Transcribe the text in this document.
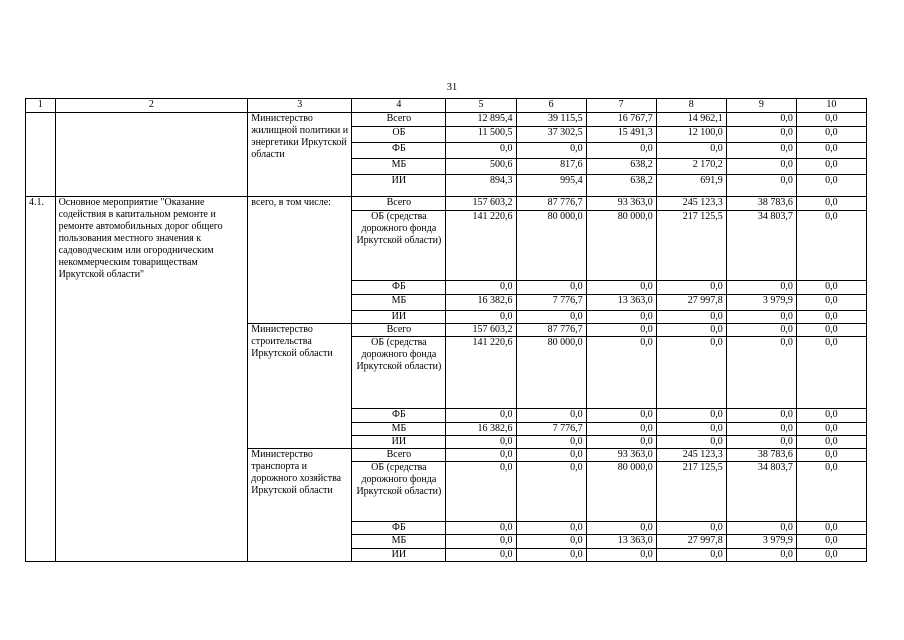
31
1	2	3	4	5	6	7	8	9	10
		Министерство жилищной политики и энергетики Иркутской области	Всего	12 895,4	39 115,5	16 767,7	14 962,1	0,0	0,0
			ОБ	11 500,5	37 302,5	15 491,3	12 100,0	0,0	0,0
			ФБ	0,0	0,0	0,0	0,0	0,0	0,0
			МБ	500,6	817,6	638,2	2 170,2	0,0	0,0
			ИИ	894,3	995,4	638,2	691,9	0,0	0,0
4.1.	Основное мероприятие "Оказание содействия в капитальном ремонте и ремонте автомобильных дорог общего пользования местного значения к садоводческим или огородническим некоммерческим товариществам Иркутской области"	всего, в том числе:	Всего	157 603,2	87 776,7	93 363,0	245 123,3	38 783,6	0,0
			ОБ (средства дорожного фонда Иркутской области)	141 220,6	80 000,0	80 000,0	217 125,5	34 803,7	0,0
			ФБ	0,0	0,0	0,0	0,0	0,0	0,0
			МБ	16 382,6	7 776,7	13 363,0	27 997,8	3 979,9	0,0
			ИИ	0,0	0,0	0,0	0,0	0,0	0,0
		Министерство строительства Иркутской области	Всего	157 603,2	87 776,7	0,0	0,0	0,0	0,0
			ОБ (средства дорожного фонда Иркутской области)	141 220,6	80 000,0	0,0	0,0	0,0	0,0
			ФБ	0,0	0,0	0,0	0,0	0,0	0,0
			МБ	16 382,6	7 776,7	0,0	0,0	0,0	0,0
			ИИ	0,0	0,0	0,0	0,0	0,0	0,0
		Министерство транспорта и дорожного хозяйства Иркутской области	Всего	0,0	0,0	93 363,0	245 123,3	38 783,6	0,0
			ОБ (средства дорожного фонда Иркутской области)	0,0	0,0	80 000,0	217 125,5	34 803,7	0,0
			ФБ	0,0	0,0	0,0	0,0	0,0	0,0
			МБ	0,0	0,0	13 363,0	27 997,8	3 979,9	0,0
			ИИ	0,0	0,0	0,0	0,0	0,0	0,0
